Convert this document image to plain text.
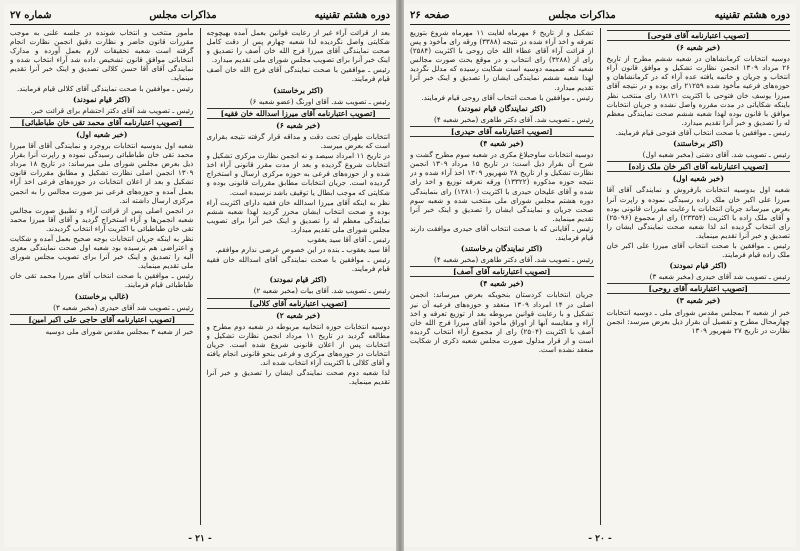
دوره هشتم تقنینیه
مذاکرات مجلس
شماره ۲۷

بعد از قرائت آراء غیر از رعایت قوانین بعمل آمده بهیچوجه شکایتی واصل نگردیده لذا شعبه چهارم پس از دقت کامل صحت نمایندگی آقای میرزا فرج الله خان آصف را تصدیق و اینک خبر آنرا برای تصویب مجلس شورای ملی تقدیم میدارد.

رئیس ـ موافقین با صحت نمایندگی آقای فرج الله خان آصف قیام فرمایند.

(اکثر برخاستند)

رئیس ـ تصویب شد. آقای اورنگ (عضو شعبه ۶)

[تصویب اعتبارنامه آقای میرزا اسدالله خان فقیه]

(خبر شعبه ۶)

انتخابات طهران تحت دقت و مداقه قرار گرفته نتیجه بقراری است که بعرض میرسد.

در تاریخ ۱۱ امرداد سیصد و نه انجمن نظارت مرکزی تشکیل و انتخابات شروع گردیده و بعد از مدت مقرر قانونی آراء اخذ شده و از حوزه‌های فرعی به حوزه مرکزی ارسال و استخراج گردیده است. جریان انتخابات مطابق مقررات قانونی بوده و شکایتی که موجب ابطال یا توقیف باشد نرسیده است.

نظر به اینکه آقای میرزا اسدالله خان فقیه دارای اکثریت آراء بوده و صحت انتخاب ایشان محرز گردید لهذا شعبه ششم نمایندگی معظم له را تصدیق و اینک خبر آنرا برای تصویب مجلس شورای ملی تقدیم میدارد.

رئیس ـ آقای آقا سید یعقوب

آقا سید یعقوب ـ بنده در این خصوص عرضی ندارم موافقم.

رئیس ـ موافقین با صحت نمایندگی آقای اسدالله خان فقیه قیام فرمایند.

(اکثر قیام نمودند)

رئیس ـ تصویب شد. آقای بیات (مخبر شعبه ۲)

[تصویب اعتبارنامه آقای کلالی]

(خبر شعبه ۲)

دوسیه انتخابات حوزه انتخابیه مربوطه در شعبه دوم مطرح و مطالعه گردید در تاریخ ۱۱ مرداد انجمن نظارت تشکیل و انتخابات پس از اعلان قانونی شروع شده است. جریان انتخابات در حوزه‌های مرکزی و فرعی بنحو قانونی انجام یافته و آقای کلالی با اکثریت آراء انتخاب شده اند.

لذا شعبه دوم صحت نمایندگی ایشان را تصدیق و خبر آنرا تقدیم مینماید.

مأمور منتخب و انتخاب شونده در جلسه علنی به موجب مقررات قانون حاضر و نظارت دقیق انجمن نظارت انجام گرفته است شعبه تحقیقات لازم بعمل آورده و مدارک انتخاباتی موافق قانون تشخیص داده شد آراء انتخاب شده و نمایندگی آقای آقا حسن کلالی تصدیق و اینک خبر آنرا تقدیم مینماید.

رئیس ـ موافقین با صحت نمایندگی آقای کلالی قیام فرمایند.

(اکثر قیام نمودند)

رئیس ـ تصویب شد آقای دکتر احتشام برای قرائت خبر.

[تصویب اعتبارنامه آقای محمد تقی خان طباطبائی]

(خبر شعبه اول)

شعبه اول بدوسیه انتخابات بروجرد و نمایندگی آقای آقا میرزا محمد تقی خان طباطبائی رسیدگی نموده و راپرت آنرا بقرار ذیل بعرض مجلس شورای ملی میرساند: در تاریخ ۱۸ مرداد ۱۳۰۹ انجمن اصلی نظارت تشکیل و مطابق مقررات قانون تشکیل و بعد از اعلان انتخابات در حوزه‌های فرعی اخذ آراء بعمل آمده و حوزه‌های فرعی نیز صورت مجالس را به انجمن مرکزی ارسال داشته اند.

در انجمن اصلی پس از قرائت آراء و تطبیق صورت مجالس شعبه انجمن‌ها و آراء استخراج گردید و آقای آقا میرزا محمد تقی خان طباطبائی با اکثریت آراء انتخاب گردیدند.

نظر به اینکه جریان انتخابات بوجه صحیح بعمل آمده و شکایت و اعتراضی هم نرسیده بود شعبه اول صحت نمایندگی معزی الیه را تصدیق و اینک خبر آنرا برای تصویب مجلس شورای ملی تقدیم مینماید.

رئیس ـ موافقین با صحت انتخاب آقای میرزا محمد تقی خان طباطبائی قیام فرمایند.

(غالب برخاستند)

رئیس ـ تصویب شد آقای حیدری (مخبر شعبه ۳)

[تصویب اعتبارنامه آقای حاجی علی اکبر امین]

خبر از شعبه ۳ بمجلس مقدس شورای ملی دوسیه

- ۲۱ -
دوره هشتم تقنینیه
مذاکرات مجلس
صفحه ۲۶

[تصویب اعتبارنامه آقای فتوحی]

(خبر شعبه ۶)

دوسیه انتخابات کرمانشاهان در شعبه ششم مطرح از تاریخ ۲۶ مرداد ۱۳۰۹ انجمن نظارت تشکیل و موافق قانون آراء انتخاب و جریان و خاتمه یافته عده آراء که در کرمانشاهان و حوزه‌های فرعیه مأخوذ شده ۲۱۲۵۹ رای بوده و در نتیجه آقای میرزا یوسف خان فتوحی با اکثریت ۱۸۱۲۱ رای منتخب نظر باینکه شکایاتی در مدت مقرره واصل نشده و جریان انتخابات موافق با قانون بوده لهذا شعبه ششم صحت نمایندگی معظم له را تصدیق و خبر آنرا تقدیم میدارد.

رئیس ـ موافقین با صحت انتخاب آقای فتوحی قیام فرمایند.

(اکثر برخاستند)

رئیس ـ تصویب شد. آقای دشتی (مخبر شعبه اول)

[تصویب اعتبارنامه آقای اکبر خان ملک زاده]

(خبر شعبه اول)

شعبه اول بدوسیه انتخابات بارفروش و نمایندگی آقای آقا میرزا علی اکبر خان ملک زاده رسیدگی نموده و راپرت آنرا بعرض میرساند جریان انتخابات با رعایت مقررات قانونی بوده و آقای ملک زاده با اکثریت (۲۳۳۵۴) رای از مجموع (۲۵۰۹۶) رای انتخاب گردیده اند لذا شعبه صحت نمایندگی ایشان را تصدیق و خبر آنرا تقدیم مینماید.

رئیس ـ موافقین با صحت انتخاب آقای میرزا علی اکبر خان ملک زاده قیام فرمایند.

(اکثر قیام نمودند)

رئیس ـ تصویب شد آقای حیدری (مخبر شعبه ۳)

[تصویب اعتبارنامه آقای روحی]

(خبر شعبه ۳)

خبر از شعبه ۲ بمجلس مقدس شورای ملی ـ دوسیه انتخابات چهارمحال مطرح و تفصیل آن بقرار ذیل بعرض میرسد: انجمن نظارت در تاریخ ۲۷ شهریور ۱۳۰۹

تشکیل و از تاریخ ۶ مهرماه لغایت ۱۱ مهرماه شروع بتوزیع تعرفه و اخذ آراء شده در نتیجه (۳۳۸۸) ورقه رای مأخوذ و پس از قرائت آراء آقای عطاء الله خان روحی با اکثریت (۲۵۸۴) رای از (۳۲۸۸) رای انتخاب و در موقع بحث صورت مجالس شعبه که ضمیمه دوسیه است شکایت رسیده که مدلل نگردید لهذا شعبه ششم نمایندگی ایشان را تصدیق و اینک خبر آنرا تقدیم میدارد.

رئیس ـ موافقین با صحت انتخاب آقای روحی قیام فرمایند.

(اکثر نمایندگان قیام نمودند)

رئیس ـ تصویب شد. آقای دکتر طاهری (مخبر شعبه ۴)

[تصویب اعتبارنامه آقای حیدری]

(خبر شعبه ۴)

دوسیه انتخابات ساوجبلاغ مکری در شعبه سوم مطرح گشت و شرح آن بقرار ذیل است: در تاریخ ۱۵ مرداد ۱۳۰۹ انجمن نظارت تشکیل و از تاریخ ۲۸ شهریور ۱۳۰۹ اخذ آراء شده و در نتیجه حوزه مذکوره (۱۳۳۲۲) ورقه تعرفه توزیع و اخذ رای شده و آقای علیخان حیدری با اکثریت (۱۲۸۱۰) رای بنمایندگی دوره هشتم مجلس شورای ملی منتخب شده و شعبه سوم صحت جریان و نمایندگی ایشان را تصدیق و اینک خبر آنرا تقدیم مینماید.

رئیس ـ آقایانی که با صحت انتخاب آقای حیدری موافقت دارند قیام فرمایند.

(اکثر نمایندگان برخاستند)

رئیس ـ تصویب شد. آقای دکتر طاهری (مخبر شعبه ۴)

[تصویب اعتبارنامه آقای آصف]

(خبر شعبه ۴)

جریان انتخابات کردستان بنحویکه بعرض میرساند: انجمن اصلی در ۱۴ امرداد ۱۳۰۹ منعقد و حوزه‌های فرعیه آن نیز تشکیل و با رعایت قوانین مربوطه بعد از توزیع تعرفه و اخذ آراء و مقایسه آنها از اوراق مأخوذ آقای میرزا فرج الله خان آصف با اکثریت (۲۵۰۴) رای از مجموع آراء انتخاب گردیده است و از قرار مدلول صورت مجلس شعبه ذکری از شکایت منعقد نشده است.

- ۲۰ -
